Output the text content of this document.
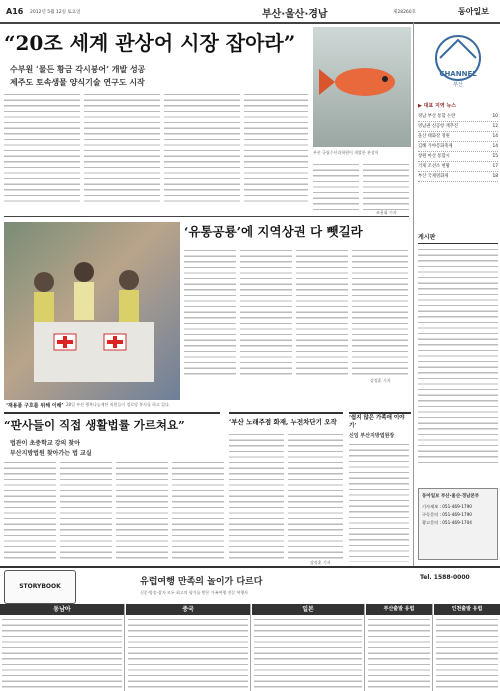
A16 2012년 5월 12일 토요일	부산·울산·경남	제28260호	동아일보
“20조 세계 관상어 시장 잡아라”
수부원 ‘물든 황금 각시붕어’ 개발 성공
제주도 토속생물 양식기술 연구도 시작
부산 국립수산과학원이 개발한 관상어
조용휘 기자
‘유통공룡’에 지역상권 다 뺏길라
강정훈 기자
‘재용품 구호를 위해 이해’ 28일 부산 행복나눔재단 직원들이 경로당 봉사를 하고 있다.
“판사들이 직접 생활법률 가르쳐요”
법관이 초중학교 강의 찾아
부산지방법원 찾아가는 법 교실
‘부산 노래주점 화재, 누전차단기 오작
강정훈 기자
‘쉽지 않은 가족애 이야기’
신임 부산지방법원장
CHANNEL
부산
▶ 대표 지역 뉴스
경남 부산 통합 논란	10
영남권 신공항 재추진	12
울산 태화강 정원	14
김해 가야문화축제	14
창원 마산 통합시	15
거제 조선소 현황	17
부산 국제영화제	18
게시판
동아일보 부산·울산·경남본부
기사제보 : 051-469-1790
구독문의 : 051-469-1790
광고문의 : 051-469-1704
STORYBOOK	유럽여행 만족의 놀이가 다르다
신문·방송·잡지 모두 최고의 평가를 받은 가족여행 전문 여행사
Tel. 1588-0000
동남아	중국	일본	부산출발 유럽	인천출발 유럽
